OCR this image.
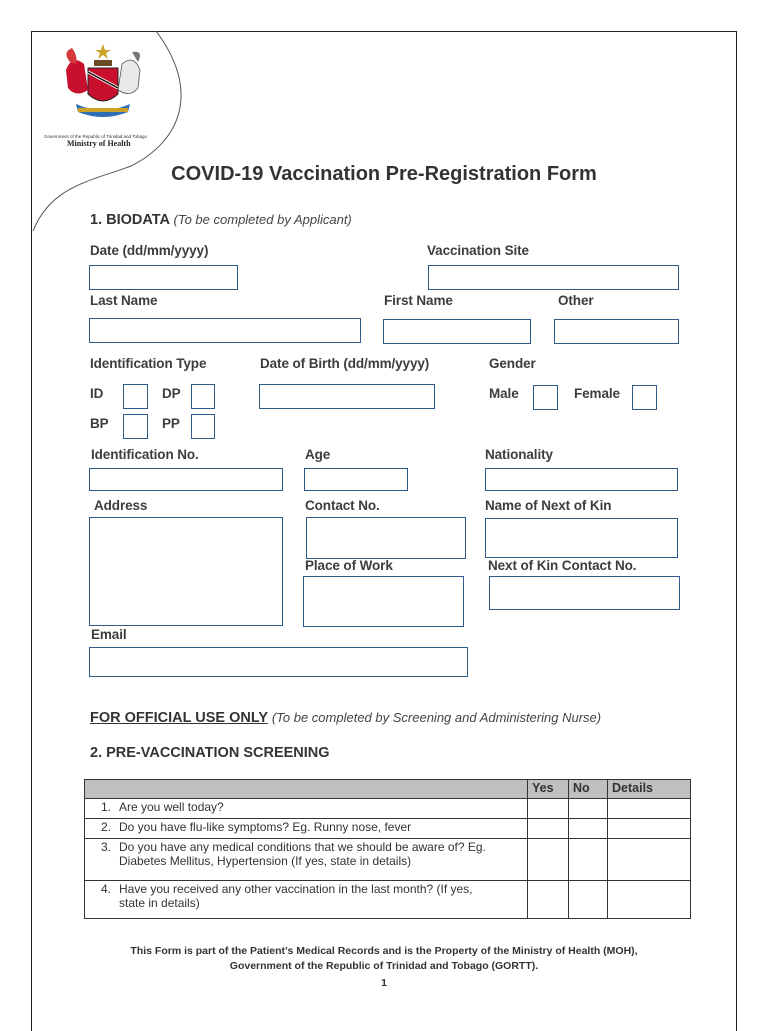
Government of the Republic of Trinidad and Tobago
Ministry of Health
COVID-19 Vaccination Pre-Registration Form
1. BIODATA (To be completed by Applicant)
Date (dd/mm/yyyy)	Vaccination Site
Last Name	First Name	Other
Identification Type	Date of Birth (dd/mm/yyyy)	Gender
ID	DP	Male	Female
BP	PP
Identification No.	Age	Nationality
Address	Contact No.	Name of Next of Kin
Place of Work	Next of Kin Contact No.
Email
FOR OFFICIAL USE ONLY (To be completed by Screening and Administering Nurse)
2. PRE-VACCINATION SCREENING
	Yes	No	Details
1. Are you well today?			
2. Do you have flu-like symptoms? Eg. Runny nose, fever			
3. Do you have any medical conditions that we should be aware of? Eg. Diabetes Mellitus, Hypertension (If yes, state in details)			
4. Have you received any other vaccination in the last month? (If yes, state in details)			
This Form is part of the Patient’s Medical Records and is the Property of the Ministry of Health (MOH),
Government of the Republic of Trinidad and Tobago (GORTT).
1
